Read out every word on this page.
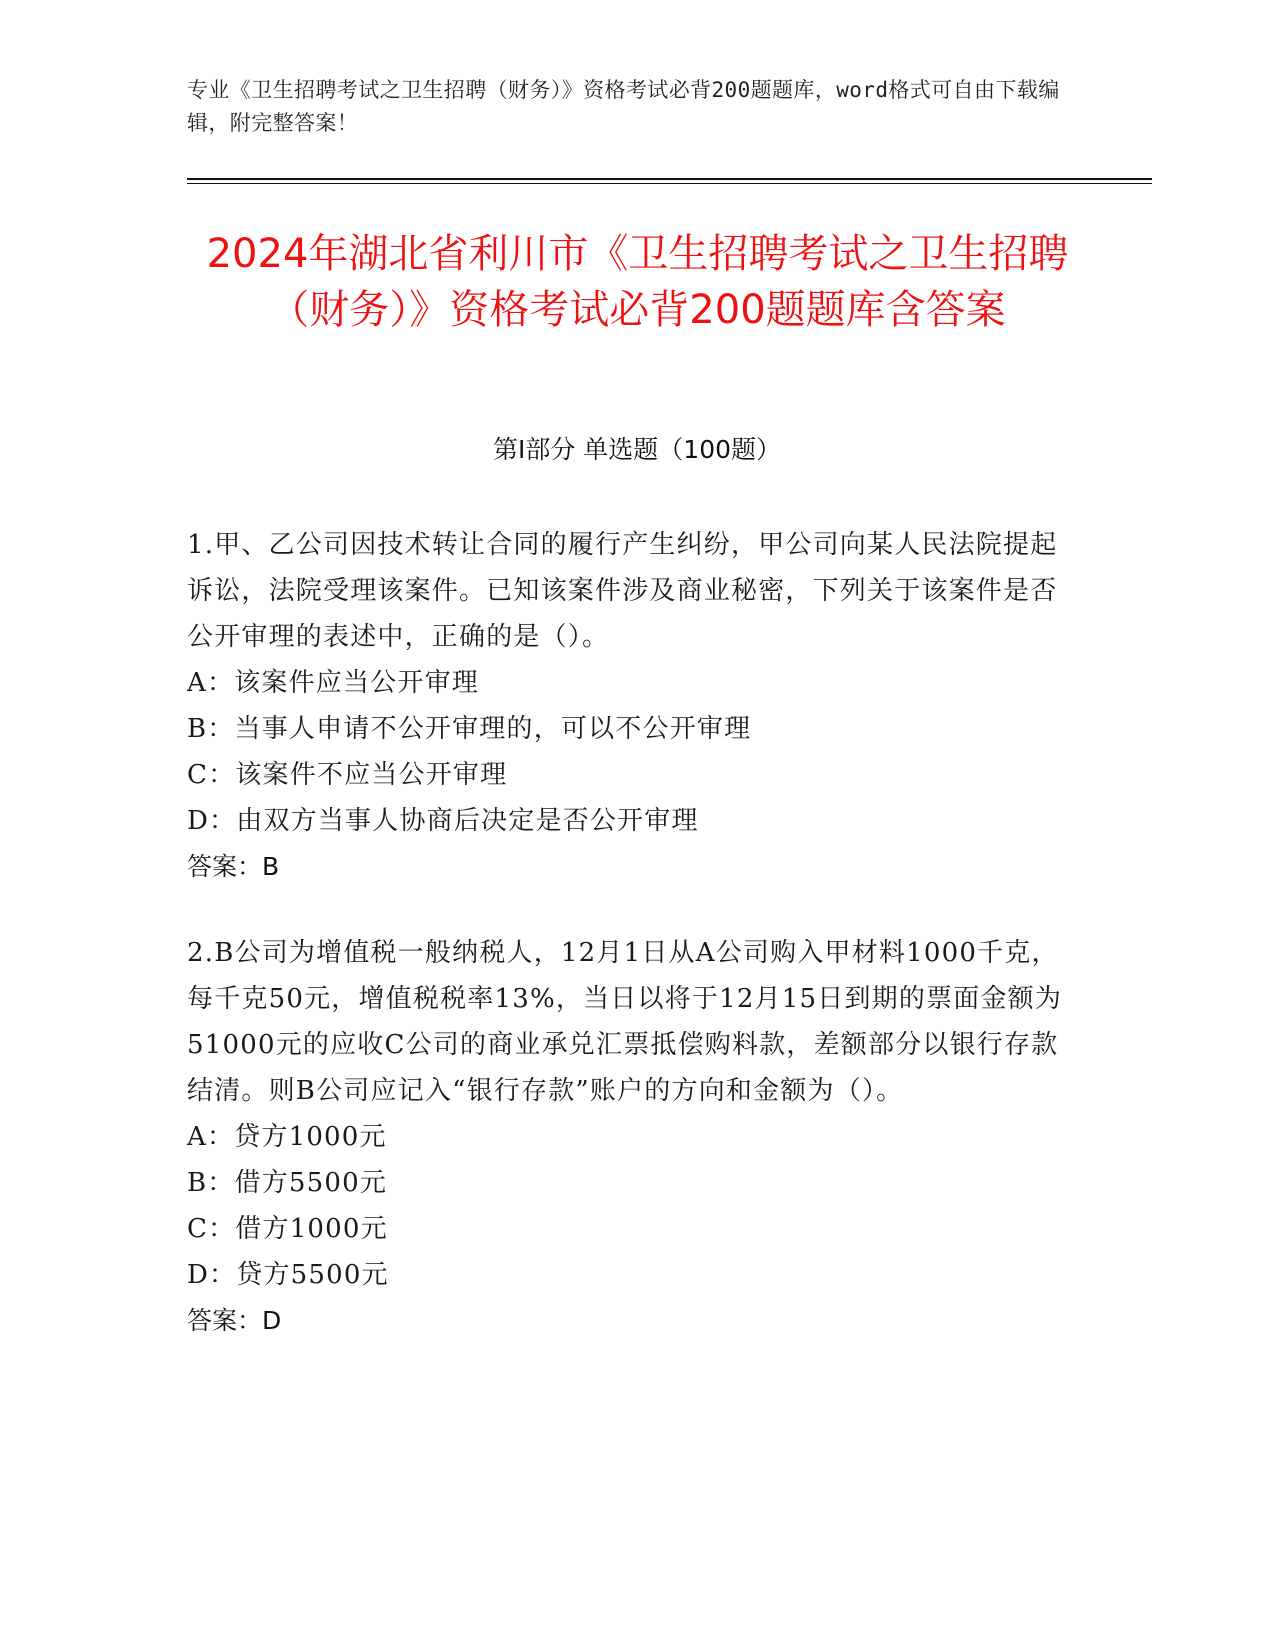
专业《卫生招聘考试之卫生招聘（财务）》资格考试必背200题题库，word格式可自由下载编辑，附完整答案！
2024年湖北省利川市《卫生招聘考试之卫生招聘（财务）》资格考试必背200题题库含答案
第I部分 单选题（100题）
1.甲、乙公司因技术转让合同的履行产生纠纷，甲公司向某人民法院提起诉讼，法院受理该案件。已知该案件涉及商业秘密，下列关于该案件是否公开审理的表述中，正确的是（）。
A：该案件应当公开审理
B：当事人申请不公开审理的，可以不公开审理
C：该案件不应当公开审理
D：由双方当事人协商后决定是否公开审理
答案：B
2.B公司为增值税一般纳税人，12月1日从A公司购入甲材料1000千克，每千克50元，增值税税率13%，当日以将于12月15日到期的票面金额为51000元的应收C公司的商业承兑汇票抵偿购料款，差额部分以银行存款结清。则B公司应记入“银行存款”账户的方向和金额为（）。
A：贷方1000元
B：借方5500元
C：借方1000元
D：贷方5500元
答案：D
